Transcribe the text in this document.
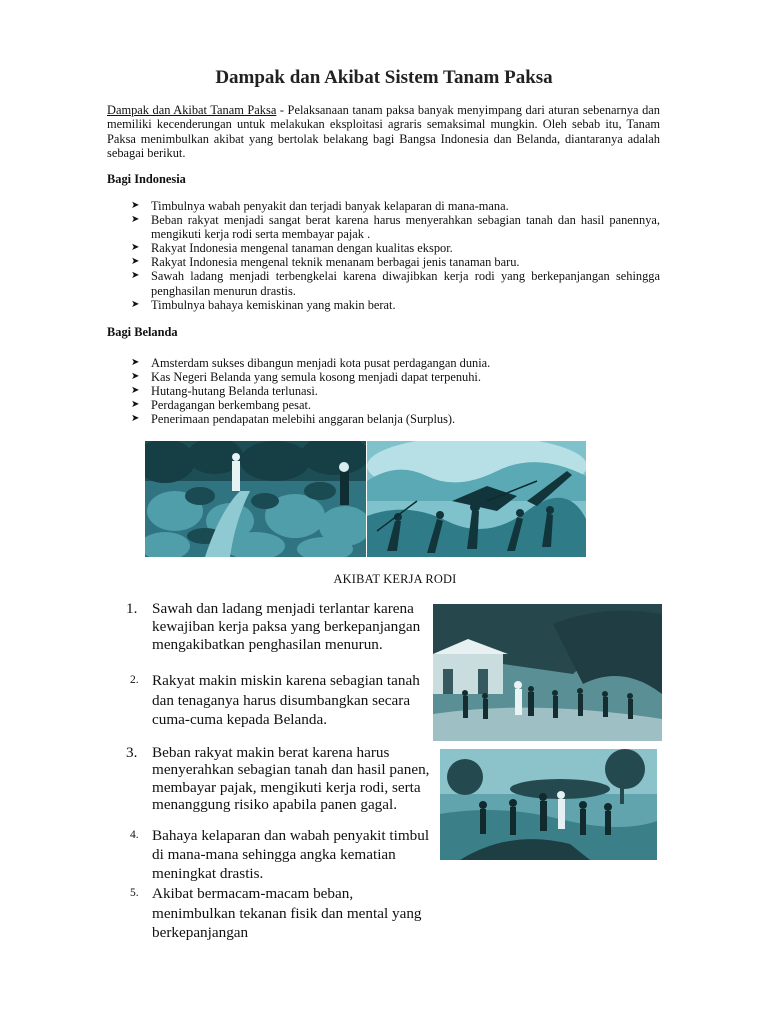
Dampak dan Akibat Sistem Tanam Paksa

Dampak dan Akibat Tanam Paksa - Pelaksanaan tanam paksa banyak menyimpang dari aturan sebenarnya dan memiliki kecenderungan untuk melakukan eksploitasi agraris semaksimal mungkin. Oleh sebab itu, Tanam Paksa menimbulkan akibat yang bertolak belakang bagi Bangsa Indonesia dan Belanda, diantaranya adalah sebagai berikut.

Bagi Indonesia

➤ Timbulnya wabah penyakit dan terjadi banyak kelaparan di mana-mana.
➤ Beban rakyat menjadi sangat berat karena harus menyerahkan sebagian tanah dan hasil panennya, mengikuti kerja rodi serta membayar pajak .
➤ Rakyat Indonesia mengenal tanaman dengan kualitas ekspor.
➤ Rakyat Indonesia mengenal teknik menanam berbagai jenis tanaman baru.
➤ Sawah ladang menjadi terbengkelai karena diwajibkan kerja rodi yang berkepanjangan sehingga penghasilan menurun drastis.
➤ Timbulnya bahaya kemiskinan yang makin berat.

Bagi Belanda

➤ Amsterdam sukses dibangun menjadi kota pusat perdagangan dunia.
➤ Kas Negeri Belanda yang semula kosong menjadi dapat terpenuhi.
➤ Hutang-hutang Belanda terlunasi.
➤ Perdagangan berkembang pesat.
➤ Penerimaan pendapatan melebihi anggaran belanja (Surplus).
AKIBAT KERJA RODI
1. Sawah dan ladang menjadi terlantar karena kewajiban kerja paksa yang berkepanjangan mengakibatkan penghasilan menurun.
2. Rakyat makin miskin karena sebagian tanah dan tenaganya harus disumbangkan secara cuma-cuma kepada Belanda.
3. Beban rakyat makin berat karena harus menyerahkan sebagian tanah dan hasil panen, membayar pajak, mengikuti kerja rodi, serta menanggung risiko apabila panen gagal.
4. Bahaya kelaparan dan wabah penyakit timbul di mana-mana sehingga angka kematian meningkat drastis.
5. Akibat bermacam-macam beban, menimbulkan tekanan fisik dan mental yang berkepanjangan
